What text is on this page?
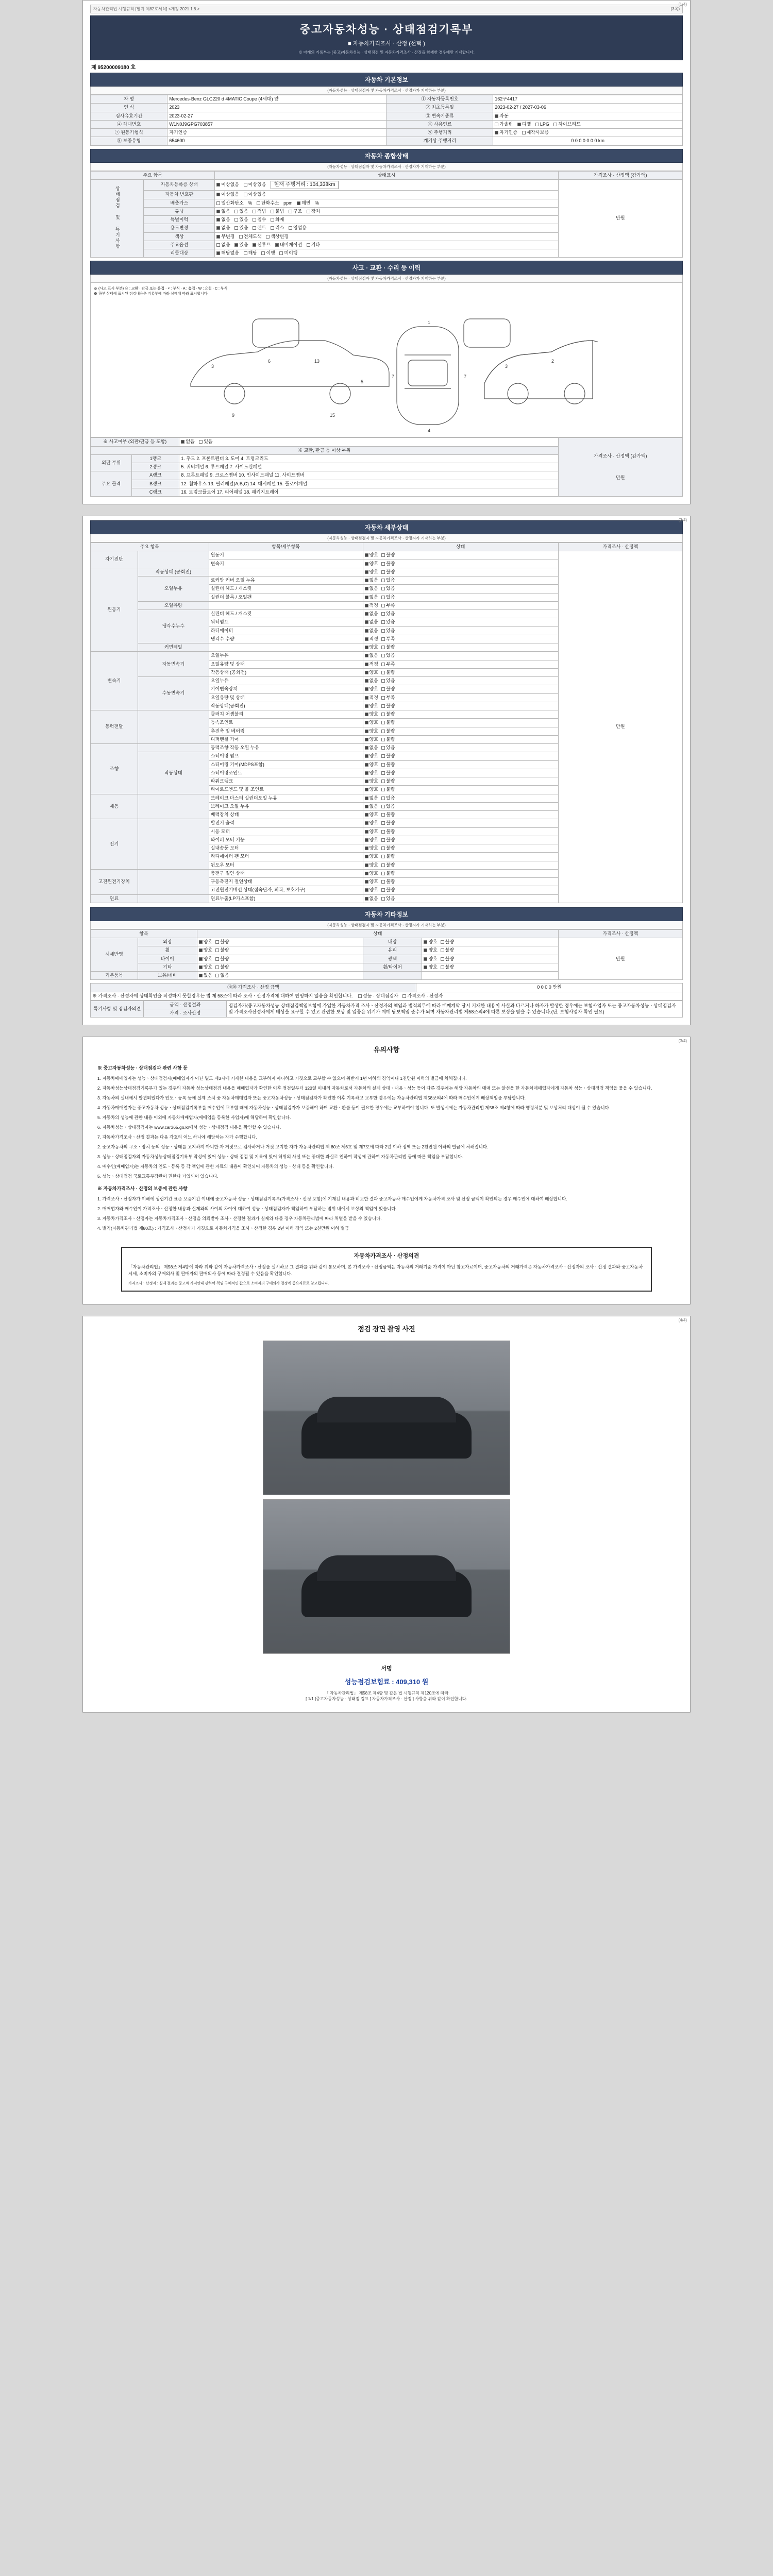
(1/4)
자동차관리법 시행규칙 [별지 제82호서식] <개정 2021.1.8.>	(3쪽)
중고자동차성능 · 상태점검기록부
■ 자동차가격조사 · 산정 (선택 )
※ 아래의 기록부는 (중고)자동차성능 · 상태점검 및 자동차가격조사 · 산정을 함께한 경우에만 기재합니다.
제 95200009180 호
자동차 기본정보
(자동차성능 · 상태점검자 및 자동차가격조사 · 산정자가 기재하는 부분)
차 명	Mercedes-Benz GLC220 d 4MATIC Coupe (4세대) 앞	① 자동차등록번호	162구4417
연 식	2023	② 최초등록일	2023-02-27 / 2027-03-06
검사유효기간	2023-02-27	③ 변속기종류	자동
④ 차대번호	W1N0J9GPG703857	⑤ 사용연료	가솔린 디젤 LPG 하이브리드
⑦ 원동기형식	자기인증	⑨ 주행거리	자기인증 제작사보증
⑧ 보증유형	654600	계기상 주행거리	0 0 0 0 0 0 0 km
자동차 종합상태
(자동차성능 · 상태점검자 및 자동차가격조사 · 산정자가 기재하는 부분)
주요 항목		상태표시	가격조사 · 산정액 (감가액)
상태점검 및 특기사항	자동차등록증 상태	이상없음 이상있음 현재 주행거리 : 104,338km	만원
	자동차 번호판	이상없음 이상있음	
	배출가스	일산화탄소 % 탄화수소 ppm 매연 %	
	튜닝	없음 있음 적법 불법 구조 장치	
	특별이력	없음 있음 침수 화재	
	용도변경	없음 있음 렌트 리스 영업용	
	색상	무변경 전체도색 색상변경	
	주요옵션	없음 있음 선루프 내비게이션 기타	
	리콜대상	해당없음 해당 이행 미이행	
사고 · 교환 · 수리 등 이력
(자동차성능 · 상태점검자 및 자동차가격조사 · 산정자가 기재하는 부분)
※ (사고 표시 부분) ⊙ : 교환 · 판금 또는 용접 · × : 부식 · A : 흠집 · W : 요철 · C : 부식
※ 하부 상태에 표시된 점검내용은 기록부에 따라 상태에 따라 표시합니다
3
6	13
5
1
4
7	7
3
2
9	15
※ 사고여부 (외판/판금 등 포함)		없음 있음	가격조사 · 산정액 (감가액)
만원

※ 교환, 판금 등 이상 부위			
외판 부위	1랭크	1. 후드 2. 프론트펜더 3. 도어 4. 트렁크리드	
	2랭크	5. 쿼터패널 6. 루프패널 7. 사이드실패널	
주요 골격	A랭크	8. 프론트패널 9. 크로스멤버 10. 인사이드패널 11. 사이드멤버	
	B랭크	12. 휠하우스 13. 필러패널(A,B,C) 14. 대시패널 15. 플로어패널	
	C랭크	16. 트렁크플로어 17. 리어패널 18. 패키지트레이	
(2/4)
자동차 세부상태
(자동차성능 · 상태점검자 및 자동차가격조사 · 산정자가 기재하는 부분)
주요 항목		항목/세부항목	상태	가격조사 · 산정액
자기진단		원동기	양호 불량	만원
		변속기	양호 불량	
원동기	작동상태 (공회전)		양호 불량	
	오일누유	로커암 커버 오일 누유	없음 있음	
		실린더 헤드 / 개스킷	없음 있음	
		실린더 블록 / 오일팬	없음 있음	
	오일유량		적정 부족	
	냉각수누수	실린더 헤드 / 개스킷	없음 있음	
		워터펌프	없음 있음	
		라디에이터	없음 있음	
		냉각수 수량	적정 부족	
	커먼레일		양호 불량	
변속기	자동변속기	오일누유	없음 있음	
		오일유량 및 상태	적정 부족	
		작동상태 (공회전)	양호 불량	
	수동변속기	오일누유	없음 있음	
		기어변속장치	양호 불량	
		오일유량 및 상태	적정 부족	
		작동상태(공회전)	양호 불량	
동력전달		클러치 어셈블리	양호 불량	
		등속조인트	양호 불량	
		추진축 및 베어링	양호 불량	
		디퍼렌셜 기어	양호 불량	
조향		동력조향 작동 오일 누유	없음 있음	
	작동상태	스티어링 펌프	양호 불량	
		스티어링 기어(MDPS포함)	양호 불량	
		스티어링조인트	양호 불량	
		파워크랭크	양호 불량	
		타이로드엔드 및 볼 조인트	양호 불량	
제동		브레이크 마스터 실린더오일 누유	없음 있음	
		브레이크 오일 누유	없음 있음	
		배력장치 상태	양호 불량	
전기		발전기 출력	양호 불량	
		시동 모터	양호 불량	
		와이퍼 모터 기능	양호 불량	
		실내송풍 모터	양호 불량	
		라디에이터 팬 모터	양호 불량	
		윈도우 모터	양호 불량	
고전원전기장치		충전구 절연 상태	양호 불량	
		구동축전지 절연상태	양호 불량	
		고전원전기배선 상태(접속단자, 피복, 보호기구)	양호 불량	
연료		연료누출(LP가스포함)	없음 있음	
자동차 기타정보
(자동차성능 · 상태점검자 및 자동차가격조사 · 산정자가 기재하는 부분)
항목		상태			가격조사 · 산정액
시세반영	외장	양호 불량	내장	양호 불량	만원
	휠	양호 불량	유리	양호 불량	
	타이어	양호 불량	광택	양호 불량	
	기타	양호 불량	휠/타이어	양호 불량	
기본품목	보유/네비	있음 없음			
⑲⑳ 가격조사 · 산정 금액	0 0 0 0 만원
※ 가격조사 · 산정자에 상태확인을 작성하지 못할경우는 법 제 58조에 따라 조사ㆍ산정가격에 대하여 반영하지 않음을 확인합니다. 성능 · 상태점검자 가격조사 · 산정자
특기사항 및 점검자의견	금액 · 산정결과	점검자가(중고자동차성능·상태점검책임보험에 가입한 자동차가격 조사ㆍ산정자의 책임과 법적의무에 따라 매매계약 당시 기재한 내용이 사실과 다르거나 하자가 발생한 경우에는 보험사업자 또는 중고자동차성능ㆍ상태점검자 및 가격조사산정자에게 배상을 요구할 수 있고 관련한 보상 및 입증은 위기가 매매 담보책임 준수가 되며 자동차관리법 제58조의4에 따른 보상을 받을 수 있습니다.(단, 보험사업자 확인 필요)
가격 · 조사산정
(3/4)
유의사항
※ 중고자동차성능 · 상태점검과 관련 사항 등

1. 자동차매매업자는 성능ㆍ상태점검자(매매업자가 아닌 별도 제3자에 기재한 내용을 교부하지 아니하고 거짓으로 교부할 수 없으며 위반시 1년 이하의 징역이나 1천만원 이하의 벌금에 처해집니다.

2. 자동차성능상태점검기록부가 있는 경우의 자동차 성능상태점검 내용을 매매업자가 확인한 이후 점검일부터 120일 이내의 자동차로서 자동차의 실제 상태ㆍ내용ㆍ성능 등이 다른 경우에는 해당 자동차의 매매 또는 알선을 한 자동차매매업자에게 자동차 성능ㆍ상태점검 책임을 물을 수 있습니다.

3. 자동차의 실내에서 발견되었다가 인도ㆍ등록 등에 실제 조치 중 자동차매매업자 또는 중고자동차성능ㆍ상태점검자가 확인한 이후 기록하고 교부한 경우에는 자동차관리법 제58조의4에 따라 매수인에게 배상책임을 부담합니다.

4. 자동차매매업자는 중고자동차 성능ㆍ상태점검기록부를 매수인에 교부할 때에 자동차성능ㆍ상태점검자가 보증해야 하며 교환ㆍ환불 등이 필요한 경우에는 교부하여야 합니다. 또 발생시에는 자동차관리법 제58조 제4항에 따라 행정처분 및 보상처리 대상이 될 수 있습니다.

5. 자동차의 성능에 관한 내용 이외에 자동차매매업자(매매업을 등록한 사업자)에 해당하여 확인합니다.

6. 자동차성능ㆍ상태점검자는 www.car365.go.kr에서 성능ㆍ상태점검 내용을 확인할 수 있습니다.

7. 자동차가격조사ㆍ산정 결과는 다음 각호의 어느 하나에 해당하는 자가 수행합니다.

2. 중고자동차의 구조ㆍ장치 등의 성능ㆍ상태를 고지하지 아니한 자 거짓으로 검사하거나 거짓 고지한 자가 자동차관리법 제 80조 제6호 및 제7호에 따라 2년 이하 징역 또는 2천만원 이하의 벌금에 처해집니다.

3. 성능ㆍ상태점검자의 자동차성능상태점검기록부 작성에 있어 성능ㆍ상태 점검 및 기록에 있어 허위의 사실 또는 중대한 과실로 인하여 작성에 관하여 자동차관리법 등에 따른 책임을 부담합니다.

4. 매수인(매매업자)는 자동차의 인도ㆍ등록 등 각 책임에 관한 자료의 내용이 확인되어 자동차의 성능ㆍ상태 등을 확인합니다.

5. 성능ㆍ상태점검 국토교통부장관이 권한다 가입되어 있습니다.

※ 자동차가격조사 · 산정의 보증에 관한 사항

1. 가격조사ㆍ산정자가 이해에 성립기간 표준 보증기간 이내에 중고자동차 성능ㆍ상태점검기록부(가격조사ㆍ산정 포함)에 기재된 내용과 비교한 결과 중고자동차 매수인에게 자동차가격 조사 및 산정 금액이 확인되는 경우 매수인에 대하여 배상합니다.

2. 매매업자와 매수인이 가격조사ㆍ산정한 내용과 실제와의 사이의 차이에 대하여 성능ㆍ상태점검자가 책임하여 부담하는 범위 내에서 보상의 책임이 있습니다.

3. 자동차가격조사ㆍ산정자는 자동차가격조사ㆍ산정을 의뢰받아 조사ㆍ산정한 결과가 실제와 다를 경우 자동차관리법에 따라 처벌을 받을 수 있습니다.

4. 벌칙(자동차관리법 제80조) : 가격조사ㆍ산정자가 거짓으로 자동차가격을 조사ㆍ산정한 경우 2년 이하 징역 또는 2천만원 이하 벌금

자동차가격조사 · 산정의견
「자동차관리법」 제58조 제4항에 따라 위와 같이 자동차가격조사ㆍ산정을 실시하고 그 결과를 위와 같이 통보하며, 본 가격조사ㆍ산정금액은 자동차의 거래기준 가격이 아닌 참고자료이며, 중고자동차의 거래가격은 자동차가격조사ㆍ산정자의 조사ㆍ산정 결과와 중고자동차 시세, 소비자의 구매의사 및 판매자의 판매의사 등에 따라 결정될 수 있음을 확인합니다.
가격조사ㆍ산정자 : 실제 결과는 중고차 가격안내 관하여 책임 구체적인 값으로 소비자의 구매의사 결정에 중요자료로 참고됩니다.
(4/4)
점검 장면 촬영 사진
서명
성능점검보험료 : 409,310 원
「 자동차관리법」 제58조 제4항 및 같은 법 시행규칙 제120조에 따라
[ 1/1 ]중고자동차성능 · 상태점 검표 [ 자동차가격조사 · 산정 ] 사항을 위와 같이 확인합니다.
